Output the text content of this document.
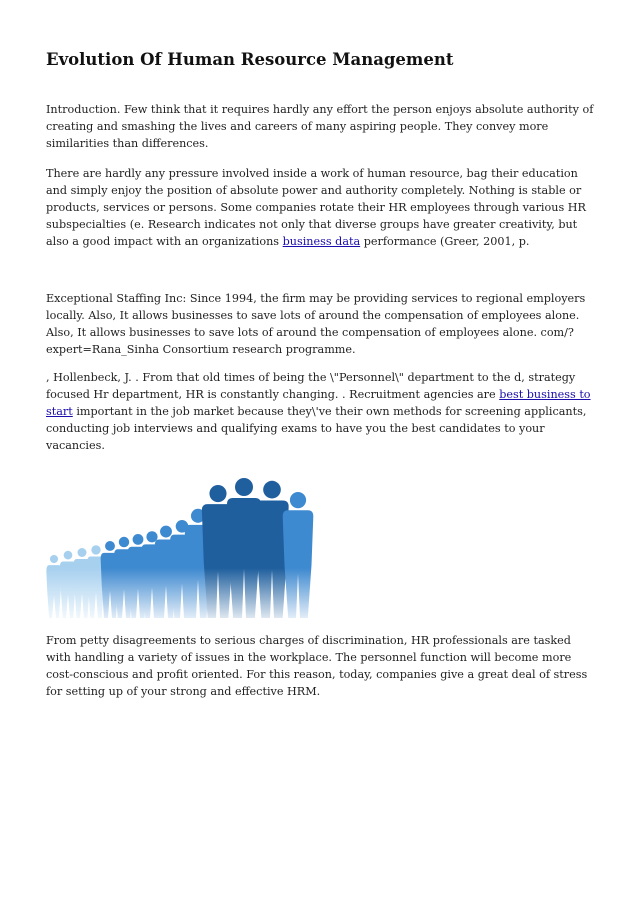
Evolution Of Human Resource Management

Introduction. Few think that it requires hardly any effort the person enjoys absolute authority of creating and smashing the lives and careers of many aspiring people. They convey more similarities than differences.

There are hardly any pressure involved inside a work of human resource, bag their education and simply enjoy the position of absolute power and authority completely. Nothing is stable or products, services or persons. Some companies rotate their HR employees through various HR subspecialties (e. Research indicates not only that diverse groups have greater creativity, but also a good impact with an organizations business data performance (Greer, 2001, p.

Exceptional Staffing Inc: Since 1994, the firm may be providing services to regional employers locally. Also, It allows businesses to save lots of around the compensation of employees alone. Also, It allows businesses to save lots of around the compensation of employees alone. com/?expert=Rana_Sinha Consortium research programme.

, Hollenbeck, J. . From that old times of being the \"Personnel\" department to the d, strategy focused Hr department, HR is constantly changing. . Recruitment agencies are best business to start important in the job market because they\'ve their own methods for screening applicants, conducting job interviews and qualifying exams to have you the best candidates to your vacancies.

From petty disagreements to serious charges of discrimination, HR professionals are tasked with handling a variety of issues in the workplace. The personnel function will become more cost-conscious and profit oriented. For this reason, today, companies give a great deal of stress for setting up of your strong and effective HRM.
